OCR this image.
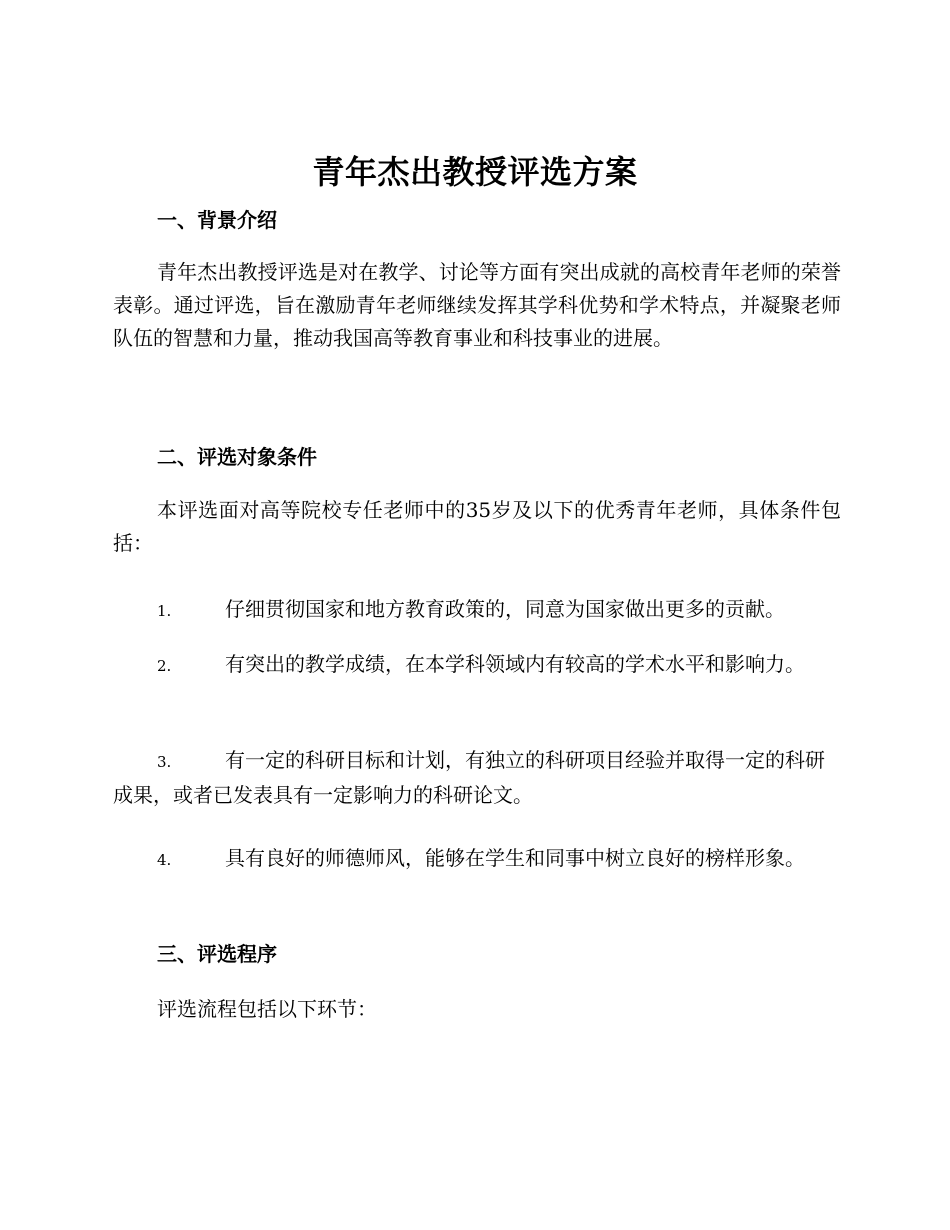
青年杰出教授评选方案
一、背景介绍
青年杰出教授评选是对在教学、讨论等方面有突出成就的高校青年老师的荣誉表彰。通过评选，旨在激励青年老师继续发挥其学科优势和学术特点，并凝聚老师队伍的智慧和力量，推动我国高等教育事业和科技事业的进展。
二、评选对象条件
本评选面对高等院校专任老师中的35岁及以下的优秀青年老师，具体条件包括：
1.	仔细贯彻国家和地方教育政策的，同意为国家做出更多的贡献。
2.	有突出的教学成绩，在本学科领域内有较高的学术水平和影响力。
3.	有一定的科研目标和计划，有独立的科研项目经验并取得一定的科研成果，或者已发表具有一定影响力的科研论文。
4.	具有良好的师德师风，能够在学生和同事中树立良好的榜样形象。
三、评选程序
评选流程包括以下环节：
